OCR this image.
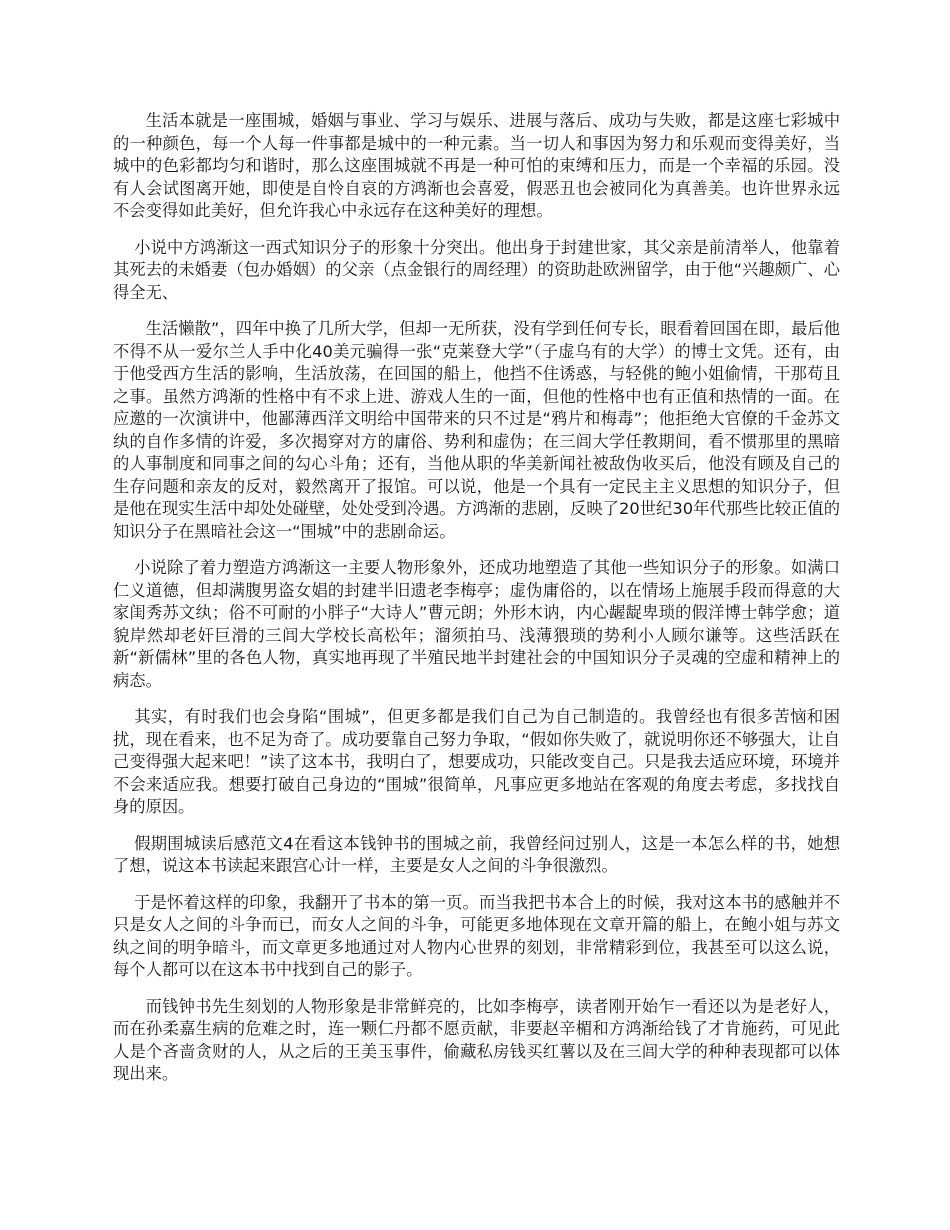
生活本就是一座围城，婚姻与事业、学习与娱乐、进展与落后、成功与失败，都是这座七彩城中的一种颜色，每一个人每一件事都是城中的一种元素。当一切人和事因为努力和乐观而变得美好，当城中的色彩都均匀和谐时，那么这座围城就不再是一种可怕的束缚和压力，而是一个幸福的乐园。没有人会试图离开她，即使是自怜自哀的方鸿渐也会喜爱，假恶丑也会被同化为真善美。也许世界永远不会变得如此美好，但允许我心中永远存在这种美好的理想。

小说中方鸿渐这一西式知识分子的形象十分突出。他出身于封建世家，其父亲是前清举人，他靠着其死去的未婚妻（包办婚姻）的父亲（点金银行的周经理）的资助赴欧洲留学，由于他“兴趣颇广、心得全无、

生活懒散”，四年中换了几所大学，但却一无所获，没有学到任何专长，眼看着回国在即，最后他不得不从一爱尔兰人手中化40美元骗得一张“克莱登大学”（子虚乌有的大学）的博士文凭。还有，由于他受西方生活的影响，生活放荡，在回国的船上，他挡不住诱惑，与轻佻的鲍小姐偷情，干那苟且之事。虽然方鸿渐的性格中有不求上进、游戏人生的一面，但他的性格中也有正值和热情的一面。在应邀的一次演讲中，他鄙薄西洋文明给中国带来的只不过是“鸦片和梅毒”；他拒绝大官僚的千金苏文纨的自作多情的许爱，多次揭穿对方的庸俗、势利和虚伪；在三闾大学任教期间，看不惯那里的黑暗的人事制度和同事之间的勾心斗角；还有，当他从职的华美新闻社被敌伪收买后，他没有顾及自己的生存问题和亲友的反对，毅然离开了报馆。可以说，他是一个具有一定民主主义思想的知识分子，但是他在现实生活中却处处碰壁，处处受到冷遇。方鸿渐的悲剧，反映了20世纪30年代那些比较正值的知识分子在黑暗社会这一“围城”中的悲剧命运。

小说除了着力塑造方鸿渐这一主要人物形象外，还成功地塑造了其他一些知识分子的形象。如满口仁义道德，但却满腹男盗女娼的封建半旧遗老李梅亭；虚伪庸俗的，以在情场上施展手段而得意的大家闺秀苏文纨；俗不可耐的小胖子“大诗人”曹元朗；外形木讷，内心龌龊卑琐的假洋博士韩学愈；道貌岸然却老奸巨滑的三闾大学校长高松年；溜须拍马、浅薄猥琐的势利小人顾尔谦等。这些活跃在新“新儒林”里的各色人物，真实地再现了半殖民地半封建社会的中国知识分子灵魂的空虚和精神上的病态。

其实，有时我们也会身陷“围城”，但更多都是我们自己为自己制造的。我曾经也有很多苦恼和困扰，现在看来，也不足为奇了。成功要靠自己努力争取，“假如你失败了，就说明你还不够强大，让自己变得强大起来吧！”读了这本书，我明白了，想要成功，只能改变自己。只是我去适应环境，环境并不会来适应我。想要打破自己身边的“围城”很简单，凡事应更多地站在客观的角度去考虑，多找找自身的原因。

假期围城读后感范文4在看这本钱钟书的围城之前，我曾经问过别人，这是一本怎么样的书，她想了想，说这本书读起来跟宫心计一样，主要是女人之间的斗争很激烈。

于是怀着这样的印象，我翻开了书本的第一页。而当我把书本合上的时候，我对这本书的感触并不只是女人之间的斗争而已，而女人之间的斗争，可能更多地体现在文章开篇的船上，在鲍小姐与苏文纨之间的明争暗斗，而文章更多地通过对人物内心世界的刻划，非常精彩到位，我甚至可以这么说，每个人都可以在这本书中找到自己的影子。

而钱钟书先生刻划的人物形象是非常鲜亮的，比如李梅亭，读者刚开始乍一看还以为是老好人，而在孙柔嘉生病的危难之时，连一颗仁丹都不愿贡献，非要赵辛楣和方鸿渐给钱了才肯施药，可见此人是个吝啬贪财的人，从之后的王美玉事件，偷藏私房钱买红薯以及在三闾大学的种种表现都可以体现出来。
